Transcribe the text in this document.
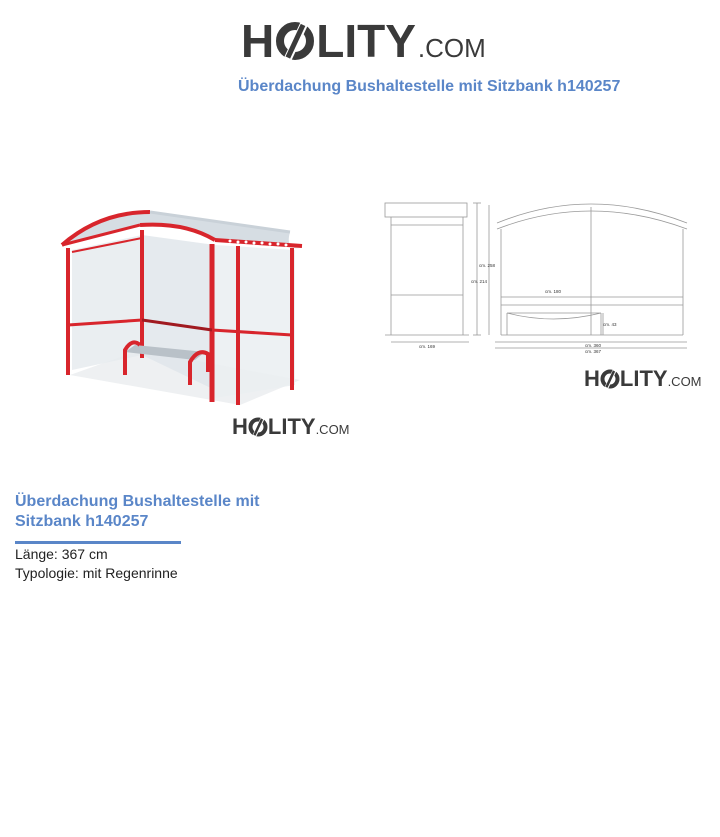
H LITY .COM
Überdachung Bushaltestelle mit Sitzbank h140257
cm. 169
cm. 258
cm. 214
cm. 180
cm. 43
cm. 360
cm. 367
H LITY .COM
H LITY .COM
Überdachung Bushaltestelle mit Sitzbank h140257
Länge: 367 cm
Typologie: mit Regenrinne
